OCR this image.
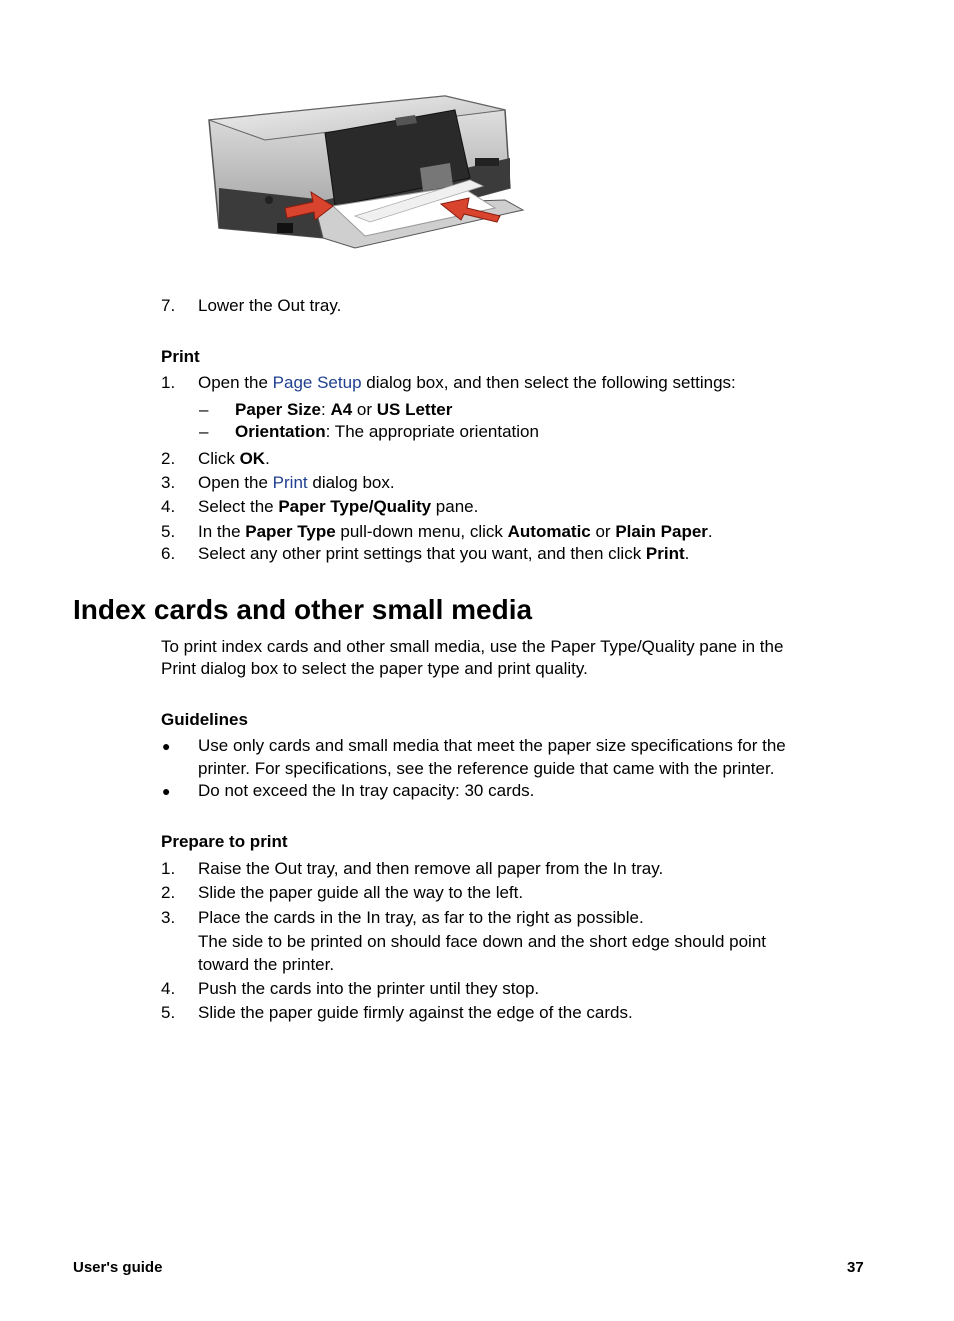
7. Lower the Out tray.
Print
1. Open the Page Setup dialog box, and then select the following settings:
– Paper Size: A4 or US Letter
– Orientation: The appropriate orientation
2. Click OK.
3. Open the Print dialog box.
4. Select the Paper Type/Quality pane.
5. In the Paper Type pull-down menu, click Automatic or Plain Paper.
6. Select any other print settings that you want, and then click Print.
Index cards and other small media
To print index cards and other small media, use the Paper Type/Quality pane in the
Print dialog box to select the paper type and print quality.
Guidelines
● Use only cards and small media that meet the paper size specifications for the
printer. For specifications, see the reference guide that came with the printer.
● Do not exceed the In tray capacity: 30 cards.
Prepare to print
1. Raise the Out tray, and then remove all paper from the In tray.
2. Slide the paper guide all the way to the left.
3. Place the cards in the In tray, as far to the right as possible.
The side to be printed on should face down and the short edge should point
toward the printer.
4. Push the cards into the printer until they stop.
5. Slide the paper guide firmly against the edge of the cards.
User's guide	37
